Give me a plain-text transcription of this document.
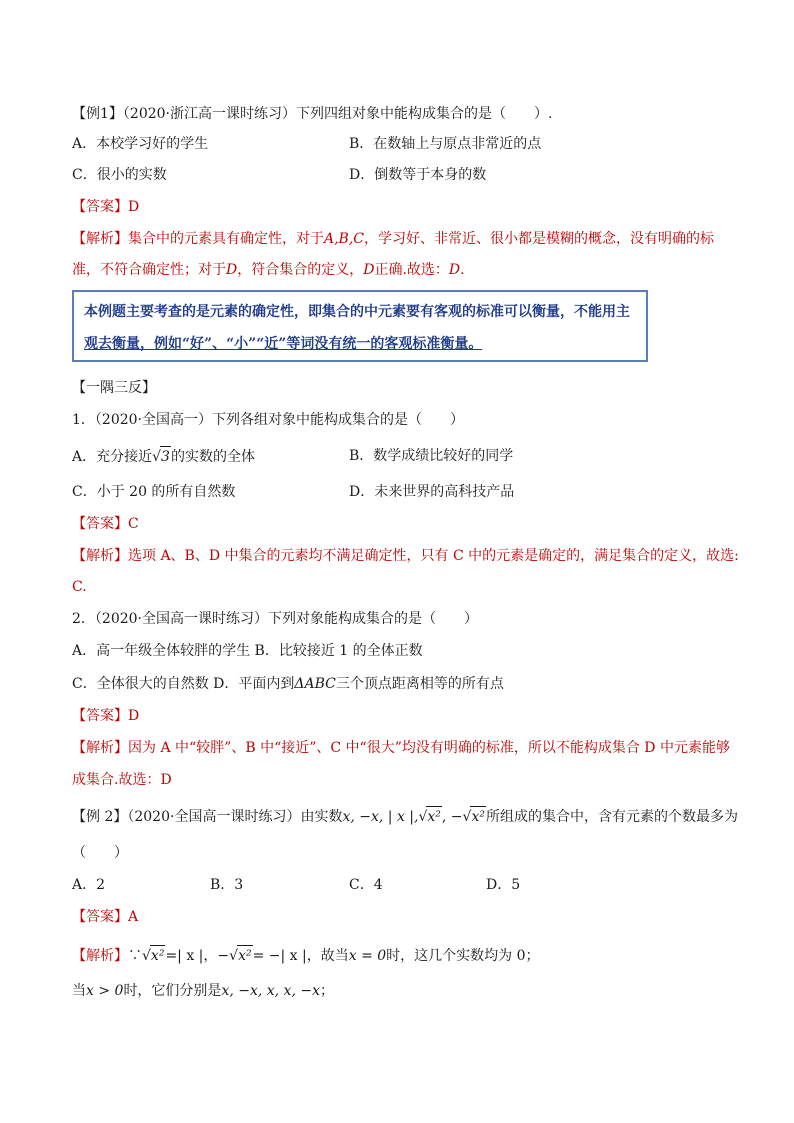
【例1】（2020·浙江高一课时练习）下列四组对象中能构成集合的是（　　）.
A．本校学习好的学生	B．在数轴上与原点非常近的点
C．很小的实数	D．倒数等于本身的数
【答案】D
【解析】集合中的元素具有确定性，对于A,B,C，学习好、非常近、很小都是模糊的概念，没有明确的标
准，不符合确定性；对于D，符合集合的定义，D正确.故选：D.
本例题主要考查的是元素的确定性，即集合的中元素要有客观的标准可以衡量，不能用主
观去衡量，例如“好”、“小”“近”等词没有统一的客观标准衡量。
【一隅三反】
1．（2020·全国高一）下列各组对象中能构成集合的是（　　）
A．充分接近√3的实数的全体	B．数学成绩比较好的同学
C．小于 20 的所有自然数	D．未来世界的高科技产品
【答案】C
【解析】选项 A、B、D 中集合的元素均不满足确定性，只有 C 中的元素是确定的，满足集合的定义，故选:
C.
2．（2020·全国高一课时练习）下列对象能构成集合的是（　　）
A．高一年级全体较胖的学生 B．比较接近 1 的全体正数
C．全体很大的自然数 D．平面内到ΔABC三个顶点距离相等的所有点
【答案】D
【解析】因为 A 中“较胖”、B 中“接近”、C 中“很大”均没有明确的标准，所以不能构成集合 D 中元素能够
成集合.故选：D
【例 2】（2020·全国高一课时练习）由实数x, −x, | x |,√x², −√x²所组成的集合中，含有元素的个数最多为
（　　）
A．2	B．3	C．4	D．5
【答案】A
【解析】∵√x²=| x |，−√x²= −| x |，故当x = 0时，这几个实数均为 0；
当x > 0时，它们分别是x, −x, x, x, −x；
